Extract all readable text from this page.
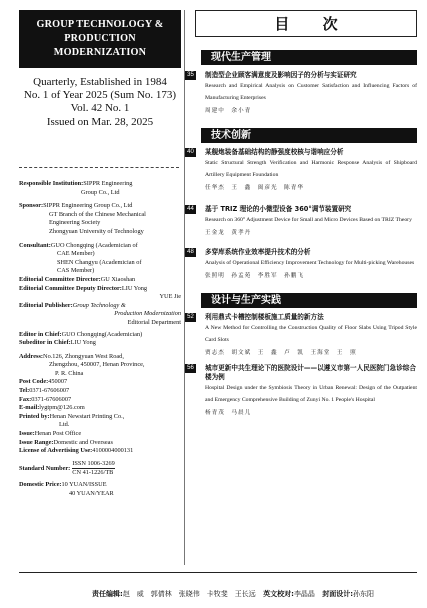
GROUP TECHNOLOGY &
PRODUCTION MODERNIZATION
Quarterly, Established in 1984
No. 1 of Year 2025 (Sum No. 173)
Vol. 42 No. 1
Issued on Mar. 28, 2025
Responsible Institution: SIPPR Engineering
Group Co., Ltd
Sponsor: SIPPR Engineering Group Co., Ltd
GT Branch of the Chinese Mechanical
Engineering Society
Zhongyuan University of Technology
Consultant: GUO Chongqing (Academician of
CAE Member)
SHEN Changyu (Academician of
CAS Member)
Editorial Committee Director: GU Xiaoshan
Editorial Committee Deputy Director: LIU Yong
YUE Jie
Editorial Publisher: Group Technology &
Production Modernization
Editorial Department
Editor in Chief: GUO Chongqing(Academician)
Subeditor in Chief: LIU Yong
Address: No.126, Zhongyuan West Road,
Zhengzhou, 450007, Henan Province,
P. R. China
Post Code: 450007
Tel: 0371-67606007
Fax: 0371-67606007
E-mail: lygtpm@126.com
Printed by: Henan Newstart Printing Co.,
Ltd.
Issue: Henan Post Office
Issue Range: Domestic and Overseas
License of Advertising Use: 4100004000131
Standard Number:
ISSN 1006-3269
CN 41-1226/TB
Domestic Price: 10 YUAN/ISSUE
40 YUAN/YEAR
目 次
现代生产管理
35	制造型企业顾客满意度及影响因子的分析与实证研究
Research and Empirical Analysis on Customer Satisfaction and Influencing Factors of Manufacturing Enterprises
周建中　余小青
技术创新
40	某舰炮装备基础结构的静强度校核与谐响应分析
Static Structural Strength Verification and Harmonic Response Analysis of Shipboard Artillery Equipment Foundation
任华杰　王　鑫　闽彦光　陈青华
44	基于 TRIZ 理论的小微型设备 360°调节装置研究
Research on 360° Adjustment Device for Small and Micro Devices Based on TRIZ Theory
王金龙　黄孝丹
48	多穿库系统作业效率提升技术的分析
Analysis of Operational Efficiency Improvement Technology for Multi-picking Warehouses
张照明　孙孟苑　李胜军　孙鹏飞
设计与生产实践
52	利用鼎式卡槽控制楼板施工质量的新方法
A New Method for Controlling the Construction Quality of Floor Slabs Using Tripod Style Card Slots
贾志杰　胡文斌　王　鑫　卢　凯　王海堂　王　照
56	城市更新中共生理论下的医院设计——以遵义市第一人民医院门急诊综合楼为例
Hospital Design under the Symbiosis Theory in Urban Renewal: Design of the Outpatient and Emergency Comprehensive Building of Zunyi No. 1 People's Hospital
杨青茂　马晨儿
责任编辑:赵　威　郭倩林　张晓伟　卡牧斐　王长远 英文校对:李晶晶 封面设计:孙东阳
